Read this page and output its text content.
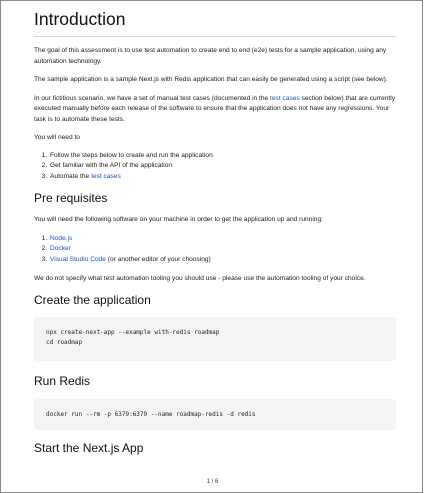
Introduction

The goal of this assessment is to use test automation to create end to end (e2e) tests for a sample application, using any automation technology.

The sample application is a sample Next.js with Redis application that can easily be generated using a script (see below).

In our fictitious scenario, we have a set of manual test cases (documented in the test cases section below) that are currently executed manually before each release of the software to ensure that the application does not have any regressions. Your task is to automate these tests.

You will need to

1. Follow the steps below to create and run the application
2. Get familiar with the API of the application
3. Automate the test cases
Pre requisites

You will need the following software on your machine in order to get the application up and running:

1. Node.js
2. Docker
3. Visual Studio Code (or another editor of your choosing)

We do not specify what test automation tooling you should use - please use the automation tooling of your choice.

Create the application
npx create-next-app --example with-redis roadmap
cd roadmap
Run Redis
docker run --rm -p 6379:6379 --name roadmap-redis -d redis
Start the Next.js App
1 / 6
